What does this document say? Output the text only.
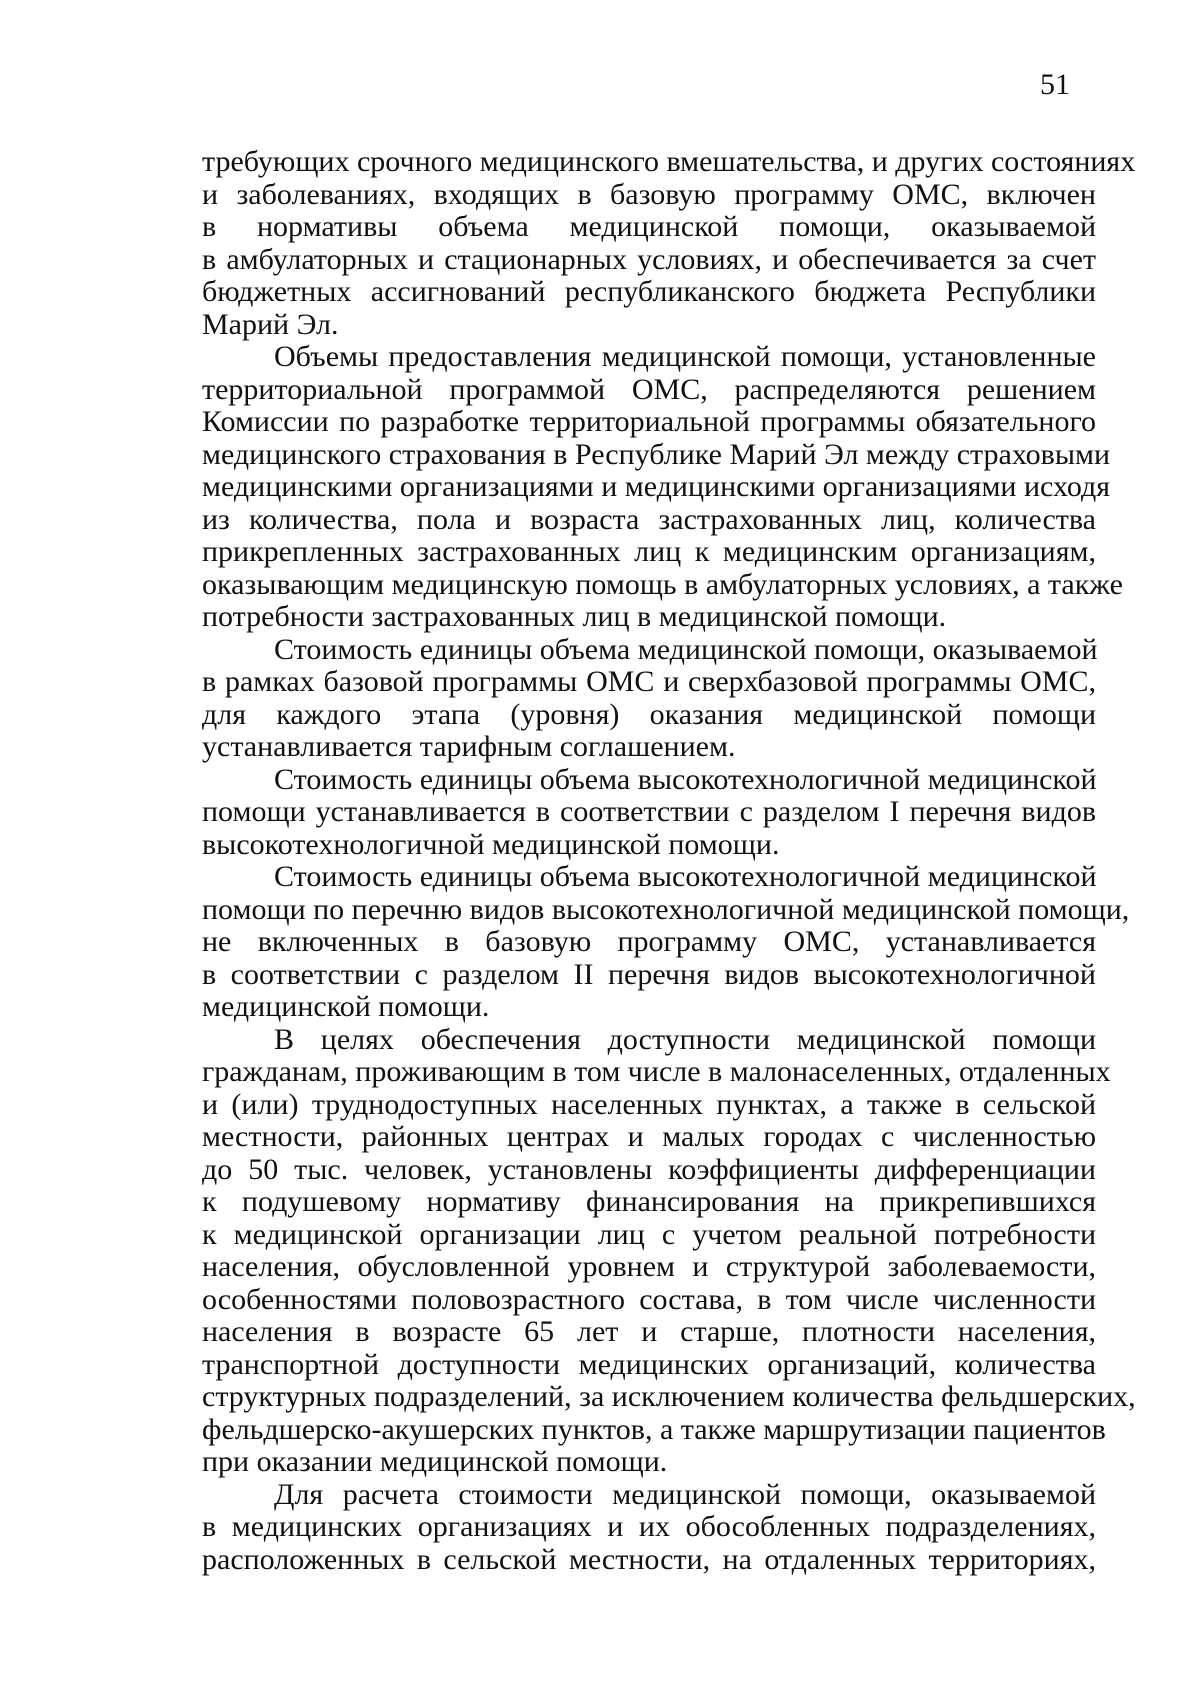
51
требующих срочного медицинского вмешательства, и других состояниях
и заболеваниях, входящих в базовую программу ОМС, включен
в нормативы объема медицинской помощи, оказываемой
в амбулаторных и стационарных условиях, и обеспечивается за счет
бюджетных ассигнований республиканского бюджета Республики
Марий Эл.
Объемы предоставления медицинской помощи, установленные
территориальной программой ОМС, распределяются решением
Комиссии по разработке территориальной программы обязательного
медицинского страхования в Республике Марий Эл между страховыми
медицинскими организациями и медицинскими организациями исходя
из количества, пола и возраста застрахованных лиц, количества
прикрепленных застрахованных лиц к медицинским организациям,
оказывающим медицинскую помощь в амбулаторных условиях, а также
потребности застрахованных лиц в медицинской помощи.
Стоимость единицы объема медицинской помощи, оказываемой
в рамках базовой программы ОМС и сверхбазовой программы ОМС,
для каждого этапа (уровня) оказания медицинской помощи
устанавливается тарифным соглашением.
Стоимость единицы объема высокотехнологичной медицинской
помощи устанавливается в соответствии с разделом I перечня видов
высокотехнологичной медицинской помощи.
Стоимость единицы объема высокотехнологичной медицинской
помощи по перечню видов высокотехнологичной медицинской помощи,
не включенных в базовую программу ОМС, устанавливается
в соответствии с разделом II перечня видов высокотехнологичной
медицинской помощи.
В целях обеспечения доступности медицинской помощи
гражданам, проживающим в том числе в малонаселенных, отдаленных
и (или) труднодоступных населенных пунктах, а также в сельской
местности, районных центрах и малых городах с численностью
до 50 тыс. человек, установлены коэффициенты дифференциации
к подушевому нормативу финансирования на прикрепившихся
к медицинской организации лиц с учетом реальной потребности
населения, обусловленной уровнем и структурой заболеваемости,
особенностями половозрастного состава, в том числе численности
населения в возрасте 65 лет и старше, плотности населения,
транспортной доступности медицинских организаций, количества
структурных подразделений, за исключением количества фельдшерских,
фельдшерско-акушерских пунктов, а также маршрутизации пациентов
при оказании медицинской помощи.
Для расчета стоимости медицинской помощи, оказываемой
в медицинских организациях и их обособленных подразделениях,
расположенных в сельской местности, на отдаленных территориях,
